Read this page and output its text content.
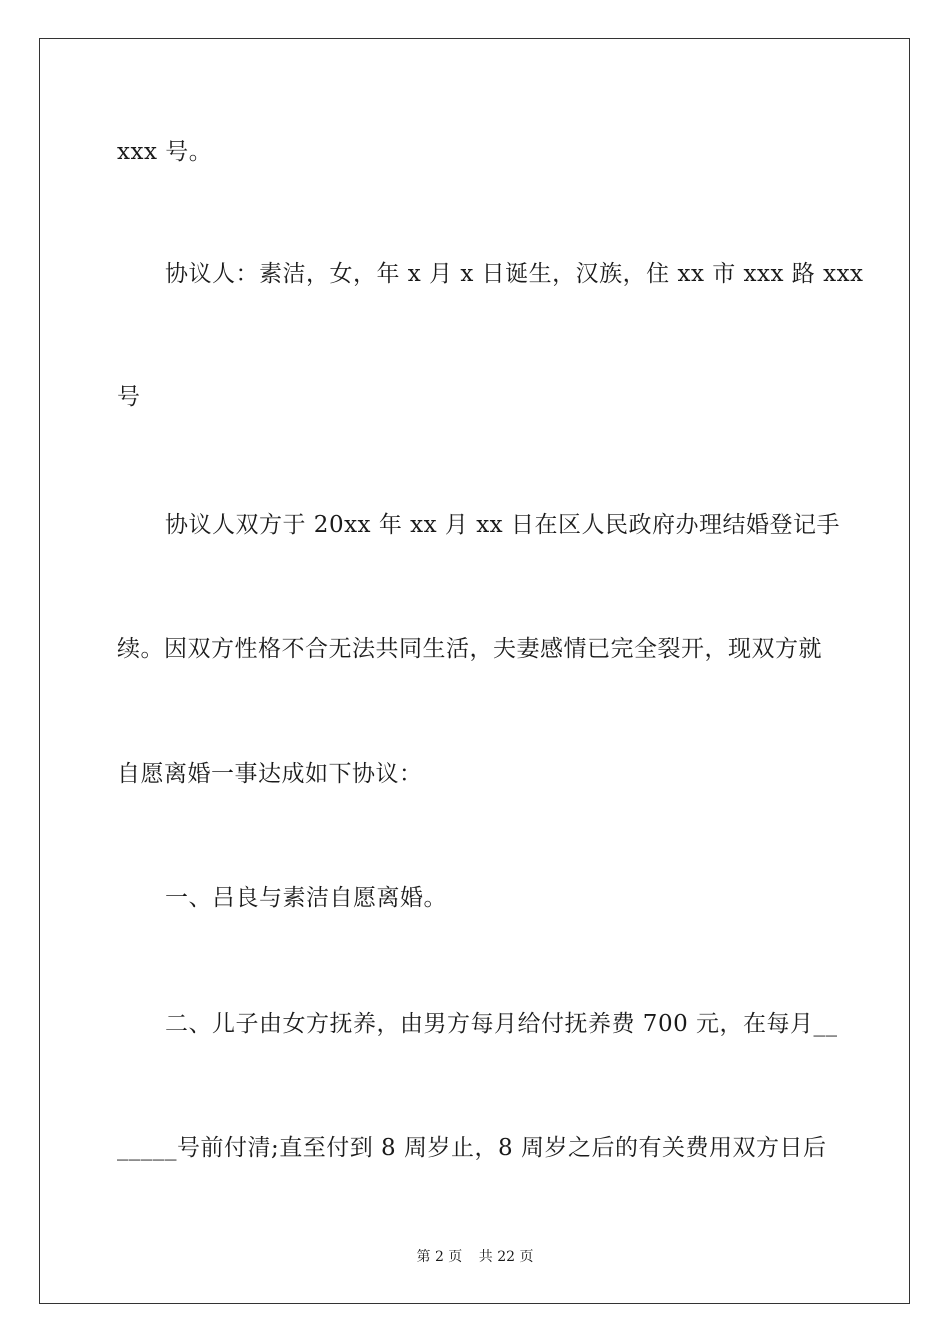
xxx 号。
协议人：素洁，女，年 x 月 x 日诞生，汉族，住 xx 市 xxx 路 xxx
号
协议人双方于 20xx 年 xx 月 xx 日在区人民政府办理结婚登记手
续。因双方性格不合无法共同生活，夫妻感情已完全裂开，现双方就
自愿离婚一事达成如下协议：
一、吕良与素洁自愿离婚。
二、儿子由女方抚养，由男方每月给付抚养费 700 元，在每月__
_____号前付清;直至付到 8 周岁止，8 周岁之后的有关费用双方日后
第 2 页 共 22 页
